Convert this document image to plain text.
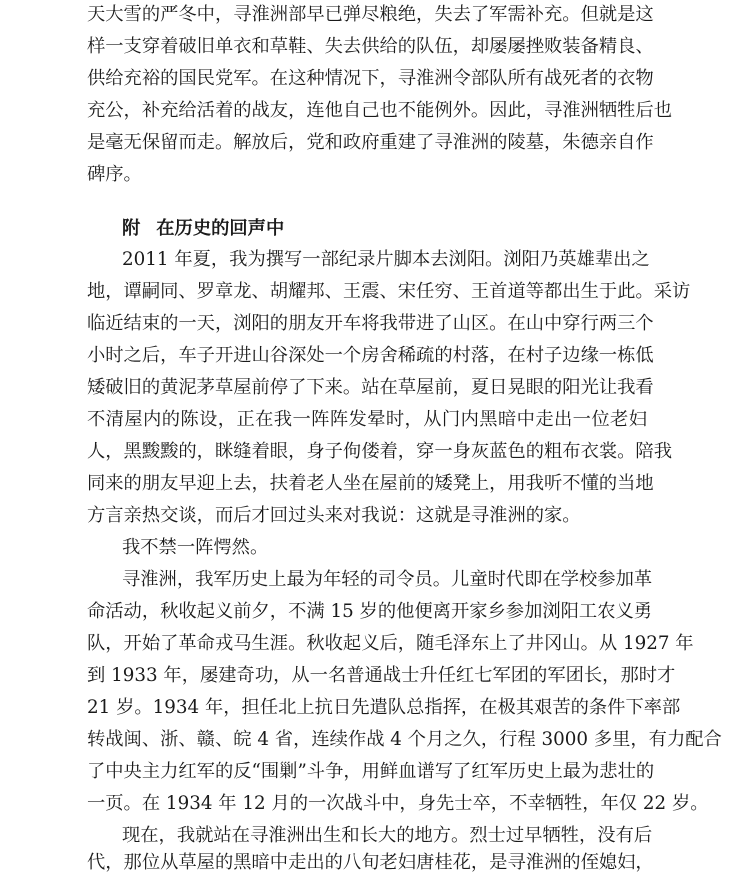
天大雪的严冬中，寻淮洲部早已弹尽粮绝，失去了军需补充。但就是这
样一支穿着破旧单衣和草鞋、失去供给的队伍，却屡屡挫败装备精良、
供给充裕的国民党军。在这种情况下，寻淮洲令部队所有战死者的衣物
充公，补充给活着的战友，连他自己也不能例外。因此，寻淮洲牺牲后也
是毫无保留而走。解放后，党和政府重建了寻淮洲的陵墓，朱德亲自作
碑序。
附 在历史的回声中
2011 年夏，我为撰写一部纪录片脚本去浏阳。浏阳乃英雄辈出之
地，谭嗣同、罗章龙、胡耀邦、王震、宋任穷、王首道等都出生于此。采访
临近结束的一天，浏阳的朋友开车将我带进了山区。在山中穿行两三个
小时之后，车子开进山谷深处一个房舍稀疏的村落，在村子边缘一栋低
矮破旧的黄泥茅草屋前停了下来。站在草屋前，夏日晃眼的阳光让我看
不清屋内的陈设，正在我一阵阵发晕时，从门内黑暗中走出一位老妇
人，黑黢黢的，眯缝着眼，身子佝偻着，穿一身灰蓝色的粗布衣裳。陪我
同来的朋友早迎上去，扶着老人坐在屋前的矮凳上，用我听不懂的当地
方言亲热交谈，而后才回过头来对我说：这就是寻淮洲的家。
我不禁一阵愕然。
寻淮洲，我军历史上最为年轻的司令员。儿童时代即在学校参加革
命活动，秋收起义前夕，不满 15 岁的他便离开家乡参加浏阳工农义勇
队，开始了革命戎马生涯。秋收起义后，随毛泽东上了井冈山。从 1927 年
到 1933 年，屡建奇功，从一名普通战士升任红七军团的军团长，那时才
21 岁。1934 年，担任北上抗日先遣队总指挥，在极其艰苦的条件下率部
转战闽、浙、赣、皖 4 省，连续作战 4 个月之久，行程 3000 多里，有力配合
了中央主力红军的反“围剿”斗争，用鲜血谱写了红军历史上最为悲壮的
一页。在 1934 年 12 月的一次战斗中，身先士卒，不幸牺牲，年仅 22 岁。
现在，我就站在寻淮洲出生和长大的地方。烈士过早牺牲，没有后
代，那位从草屋的黑暗中走出的八旬老妇唐桂花，是寻淮洲的侄媳妇，
